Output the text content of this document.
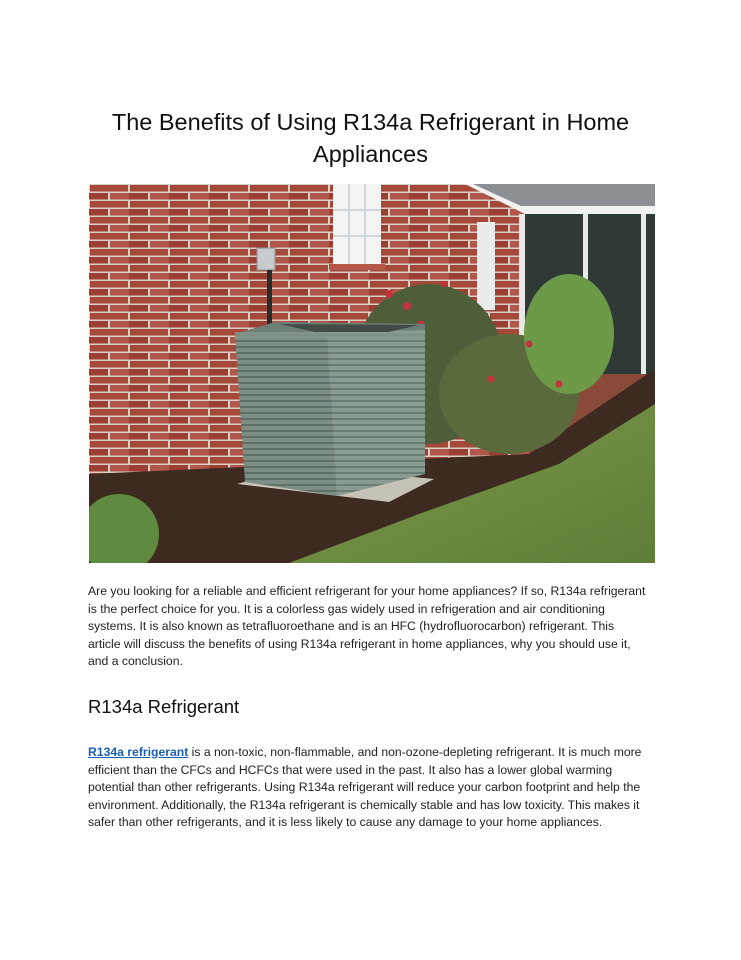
The Benefits of Using R134a Refrigerant in Home Appliances

Are you looking for a reliable and efficient refrigerant for your home appliances? If so, R134a refrigerant is the perfect choice for you. It is a colorless gas widely used in refrigeration and air conditioning systems. It is also known as tetrafluoroethane and is an HFC (hydrofluorocarbon) refrigerant. This article will discuss the benefits of using R134a refrigerant in home appliances, why you should use it, and a conclusion.

R134a Refrigerant

R134a refrigerant is a non-toxic, non-flammable, and non-ozone-depleting refrigerant. It is much more efficient than the CFCs and HCFCs that were used in the past. It also has a lower global warming potential than other refrigerants. Using R134a refrigerant will reduce your carbon footprint and help the environment. Additionally, the R134a refrigerant is chemically stable and has low toxicity. This makes it safer than other refrigerants, and it is less likely to cause any damage to your home appliances.
